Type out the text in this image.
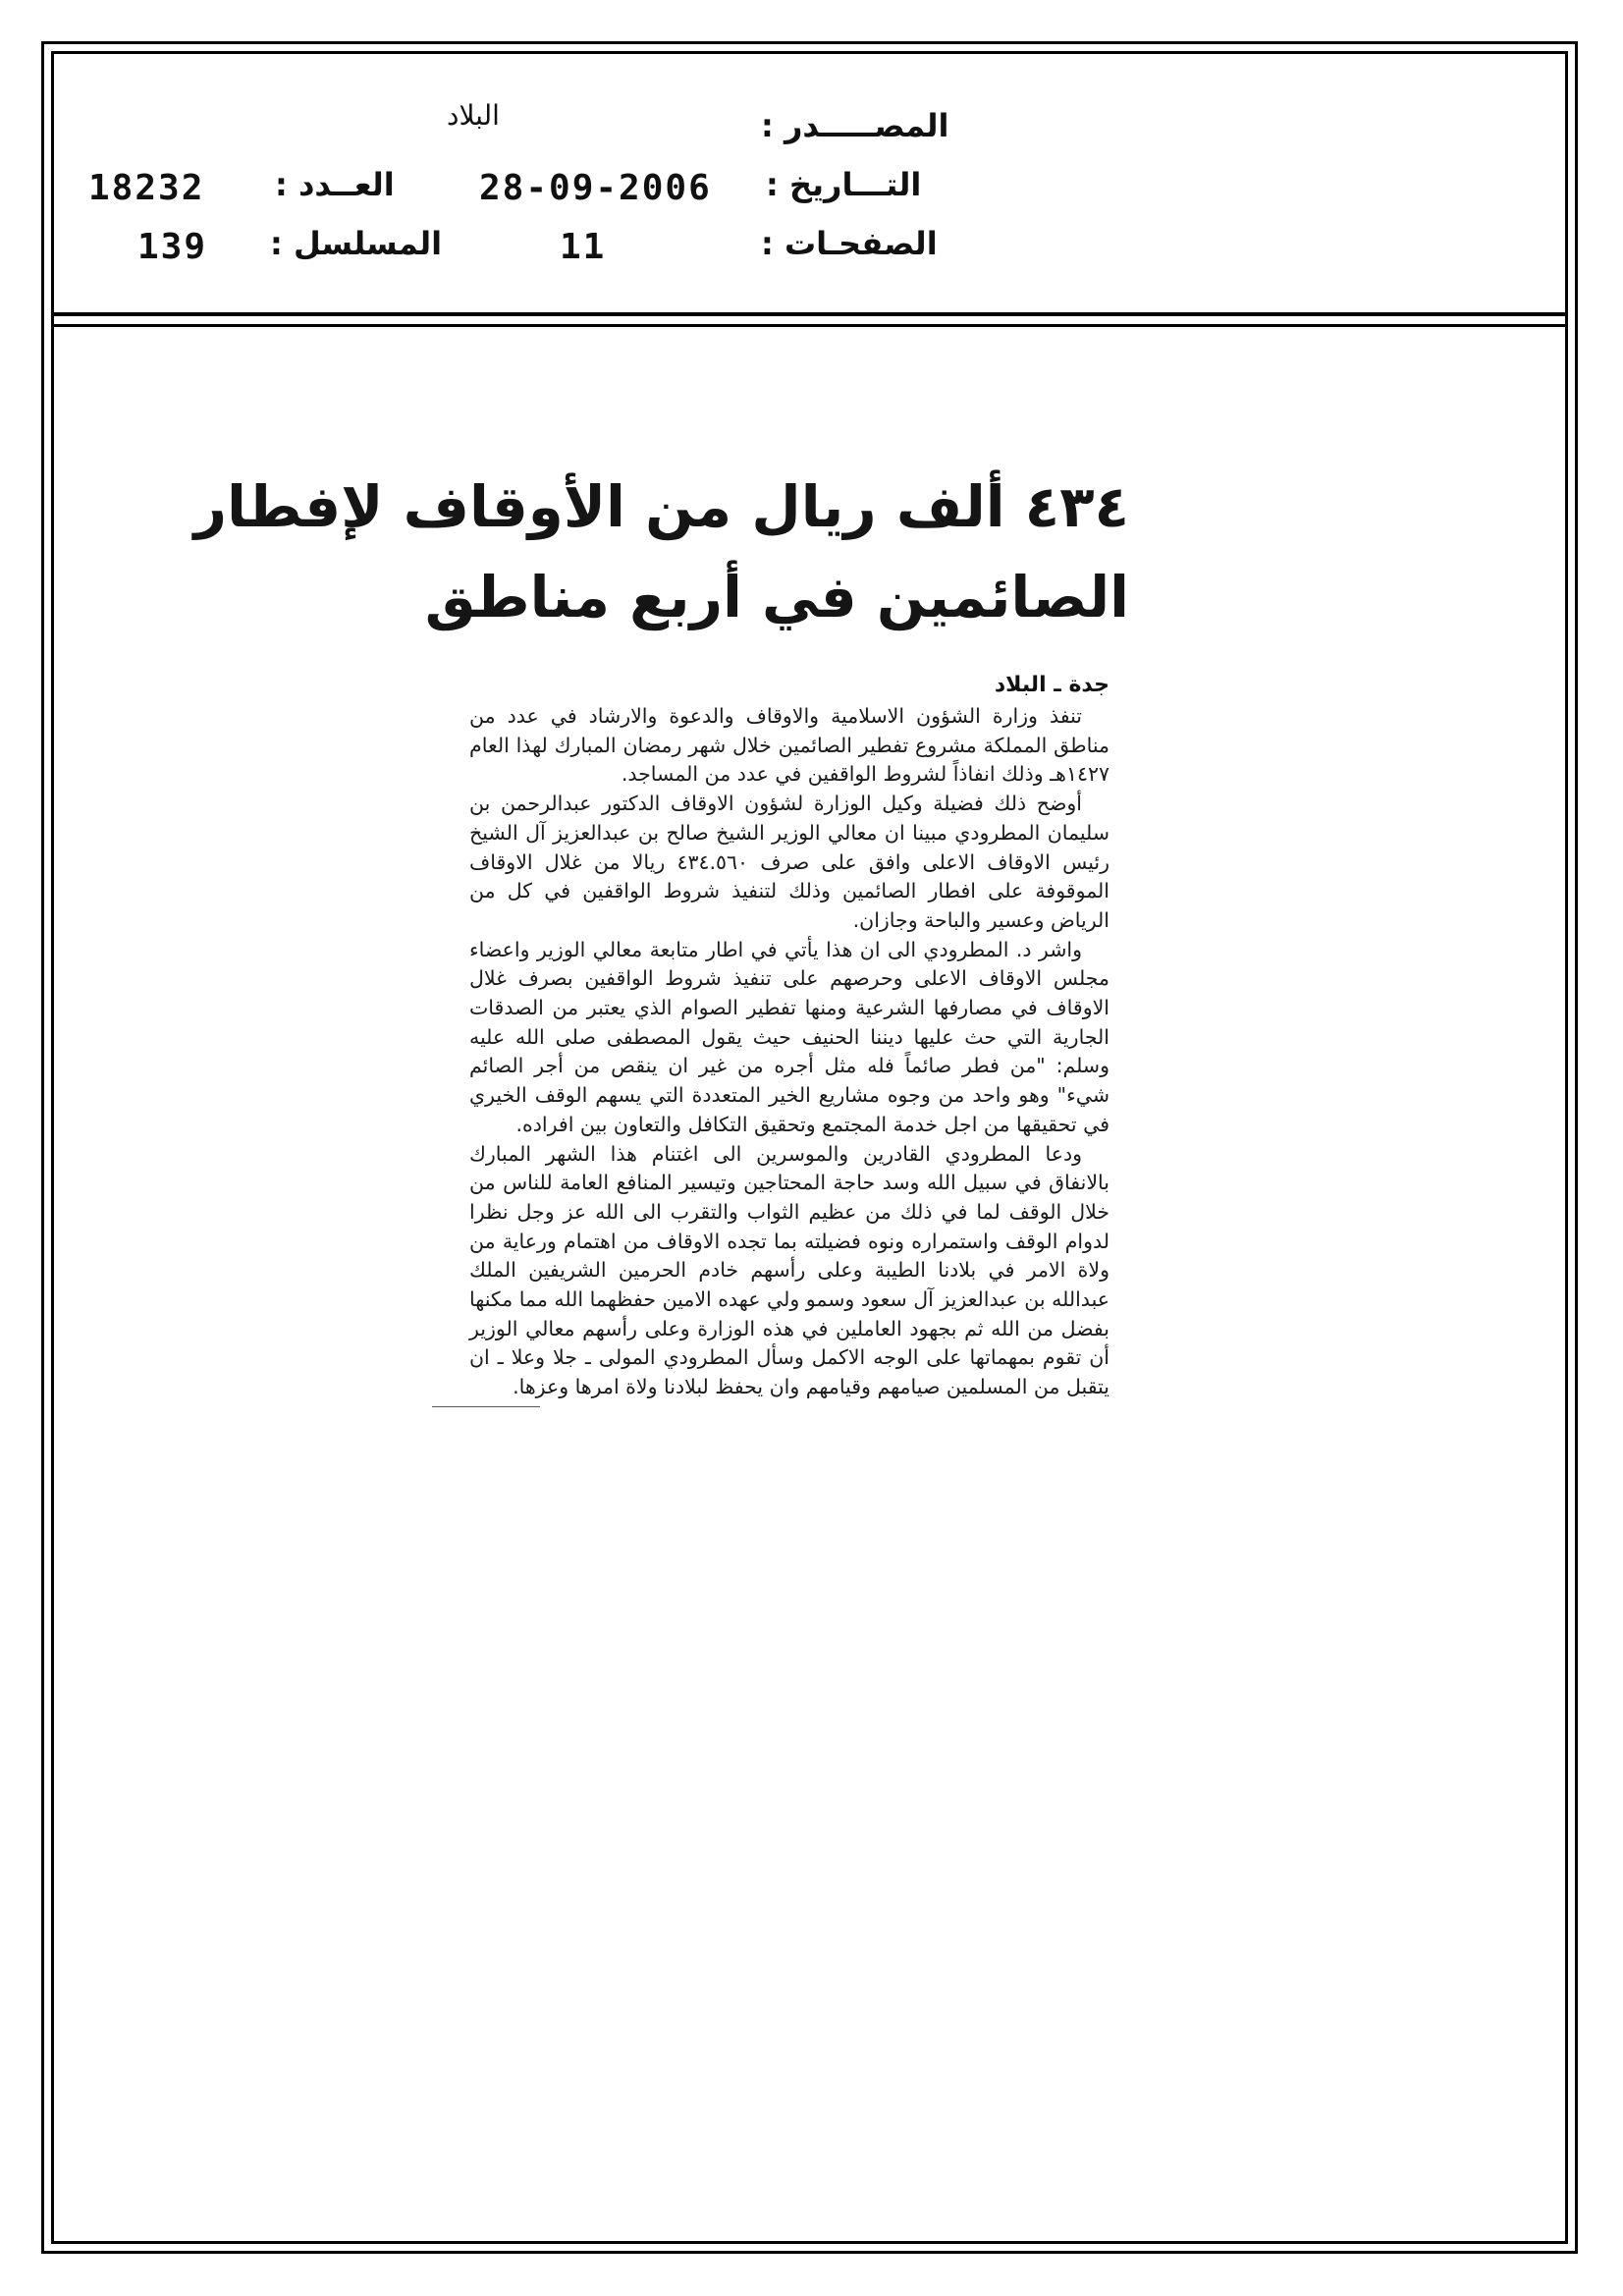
المصـــــدر :
البلاد
التـــاريخ :
28-09-2006
الصفحـات :
11
العــدد :
18232
المسلسل :
139
٤٣٤ ألف ريال من الأوقاف لإفطار
الصائمين في أربع مناطق

جدة ـ البلاد

تنفذ وزارة الشؤون الاسلامية والاوقاف والدعوة والارشاد في عدد من مناطق المملكة مشروع تفطير الصائمين خلال شهر رمضان المبارك لهذا العام ١٤٢٧هـ وذلك انفاذاً لشروط الواقفين في عدد من المساجد.

أوضح ذلك فضيلة وكيل الوزارة لشؤون الاوقاف الدكتور عبدالرحمن بن سليمان المطرودي مبينا ان معالي الوزير الشيخ صالح بن عبدالعزيز آل الشيخ رئيس الاوقاف الاعلى وافق على صرف ٤٣٤.٥٦٠ ريالا من غلال الاوقاف الموقوفة على افطار الصائمين وذلك لتنفيذ شروط الواقفين في كل من الرياض وعسير والباحة وجازان.

واشر د. المطرودي الى ان هذا يأتي في اطار متابعة معالي الوزير واعضاء مجلس الاوقاف الاعلى وحرصهم على تنفيذ شروط الواقفين بصرف غلال الاوقاف في مصارفها الشرعية ومنها تفطير الصوام الذي يعتبر من الصدقات الجارية التي حث عليها ديننا الحنيف حيث يقول المصطفى صلى الله عليه وسلم: "من فطر صائماً فله مثل أجره من غير ان ينقص من أجر الصائم شيء" وهو واحد من وجوه مشاريع الخير المتعددة التي يسهم الوقف الخيري في تحقيقها من اجل خدمة المجتمع وتحقيق التكافل والتعاون بين افراده.

ودعا المطرودي القادرين والموسرين الى اغتنام هذا الشهر المبارك بالانفاق في سبيل الله وسد حاجة المحتاجين وتيسير المنافع العامة للناس من خلال الوقف لما في ذلك من عظيم الثواب والتقرب الى الله عز وجل نظرا لدوام الوقف واستمراره ونوه فضيلته بما تجده الاوقاف من اهتمام ورعاية من ولاة الامر في بلادنا الطيبة وعلى رأسهم خادم الحرمين الشريفين الملك عبدالله بن عبدالعزيز آل سعود وسمو ولي عهده الامين حفظهما الله مما مكنها بفضل من الله ثم بجهود العاملين في هذه الوزارة وعلى رأسهم معالي الوزير أن تقوم بمهماتها على الوجه الاكمل وسأل المطرودي المولى ـ جلا وعلا ـ ان يتقبل من المسلمين صيامهم وقيامهم وان يحفظ لبلادنا ولاة امرها وعزها.
